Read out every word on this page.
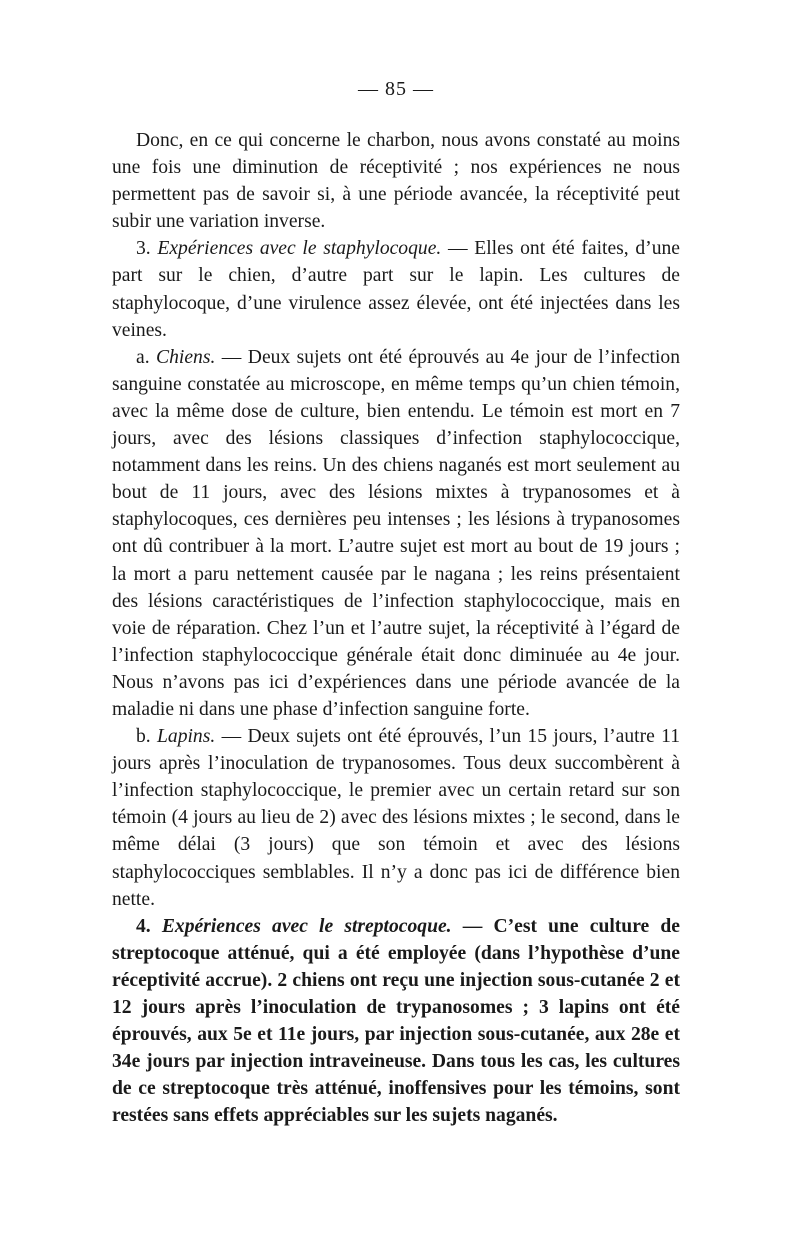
— 85 —

Donc, en ce qui concerne le charbon, nous avons constaté au moins une fois une diminution de réceptivité ; nos expériences ne nous permettent pas de savoir si, à une période avancée, la réceptivité peut subir une variation inverse.

3. Expériences avec le staphylocoque. — Elles ont été faites, d’une part sur le chien, d’autre part sur le lapin. Les cultures de staphylocoque, d’une virulence assez élevée, ont été injectées dans les veines.

a. Chiens. — Deux sujets ont été éprouvés au 4e jour de l’infection sanguine constatée au microscope, en même temps qu’un chien témoin, avec la même dose de culture, bien entendu. Le témoin est mort en 7 jours, avec des lésions classiques d’infection staphylococcique, notamment dans les reins. Un des chiens naganés est mort seulement au bout de 11 jours, avec des lésions mixtes à trypanosomes et à staphylocoques, ces dernières peu intenses ; les lésions à trypanosomes ont dû contribuer à la mort. L’autre sujet est mort au bout de 19 jours ; la mort a paru nettement causée par le nagana ; les reins présentaient des lésions caractéristiques de l’infection staphylococcique, mais en voie de réparation. Chez l’un et l’autre sujet, la réceptivité à l’égard de l’infection staphylococcique générale était donc diminuée au 4e jour. Nous n’avons pas ici d’expériences dans une période avancée de la maladie ni dans une phase d’infection sanguine forte.

b. Lapins. — Deux sujets ont été éprouvés, l’un 15 jours, l’autre 11 jours après l’inoculation de trypanosomes. Tous deux succombèrent à l’infection staphylococcique, le premier avec un certain retard sur son témoin (4 jours au lieu de 2) avec des lésions mixtes ; le second, dans le même délai (3 jours) que son témoin et avec des lésions staphylococciques semblables. Il n’y a donc pas ici de différence bien nette.

4. Expériences avec le streptocoque. — C’est une culture de streptocoque atténué, qui a été employée (dans l’hypothèse d’une réceptivité accrue). 2 chiens ont reçu une injection sous-cutanée 2 et 12 jours après l’inoculation de trypanosomes ; 3 lapins ont été éprouvés, aux 5e et 11e jours, par injection sous-cutanée, aux 28e et 34e jours par injection intraveineuse. Dans tous les cas, les cultures de ce streptocoque très atténué, inoffensives pour les témoins, sont restées sans effets appréciables sur les sujets naganés.
